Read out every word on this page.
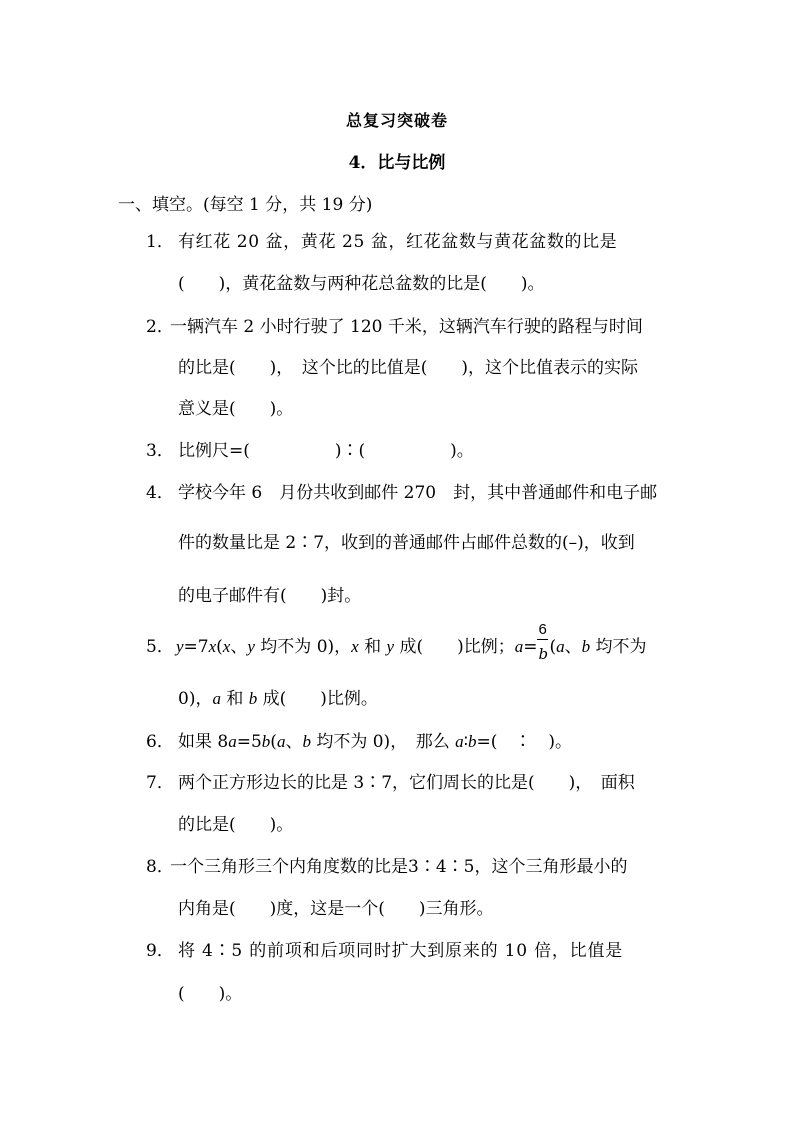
总复习突破卷
4．比与比例
一、填空。(每空 1 分，共 19 分)
1． 有红花 20 盆，黄花 25 盆，红花盆数与黄花盆数的比是
(　　)，黄花盆数与两种花总盆数的比是(　　)。
2．
一辆汽车 2 小时行驶了 120 千米，这辆汽车行驶的路程与时间
的比是(　　)，　这个比的比值是(　　)，这个比值表示的实际
意义是(　　)。
3． 比例尺=(　　　　　)∶(　　　　　)。
4． 学校今年 6　月份共收到邮件 270　封，其中普通邮件和电子邮
件的数量比是 2∶7，收到的普通邮件占邮件总数的(–)，收到
的电子邮件有(　　)封。
5． y=7x(x、y 均不为 0)，x 和 y 成(　　)比例；$a= \frac{6}{b} (a$、b 均不为
0)，a 和 b 成(　　)比例。
6． 如果 8a=5b(a、b 均不为 0)，　那么 a∶b=(　∶　)。
7． 两个正方形边长的比是 3∶7，它们周长的比是(　　)，　面积
的比是(　　)。
8．
一个三角形三个内角度数的比是3∶4∶5，这个三角形最小的
内角是(　　)度，这是一个(　　)三角形。
9． 将 4∶5 的前项和后项同时扩大到原来的 10 倍，比值是
(　　)。
